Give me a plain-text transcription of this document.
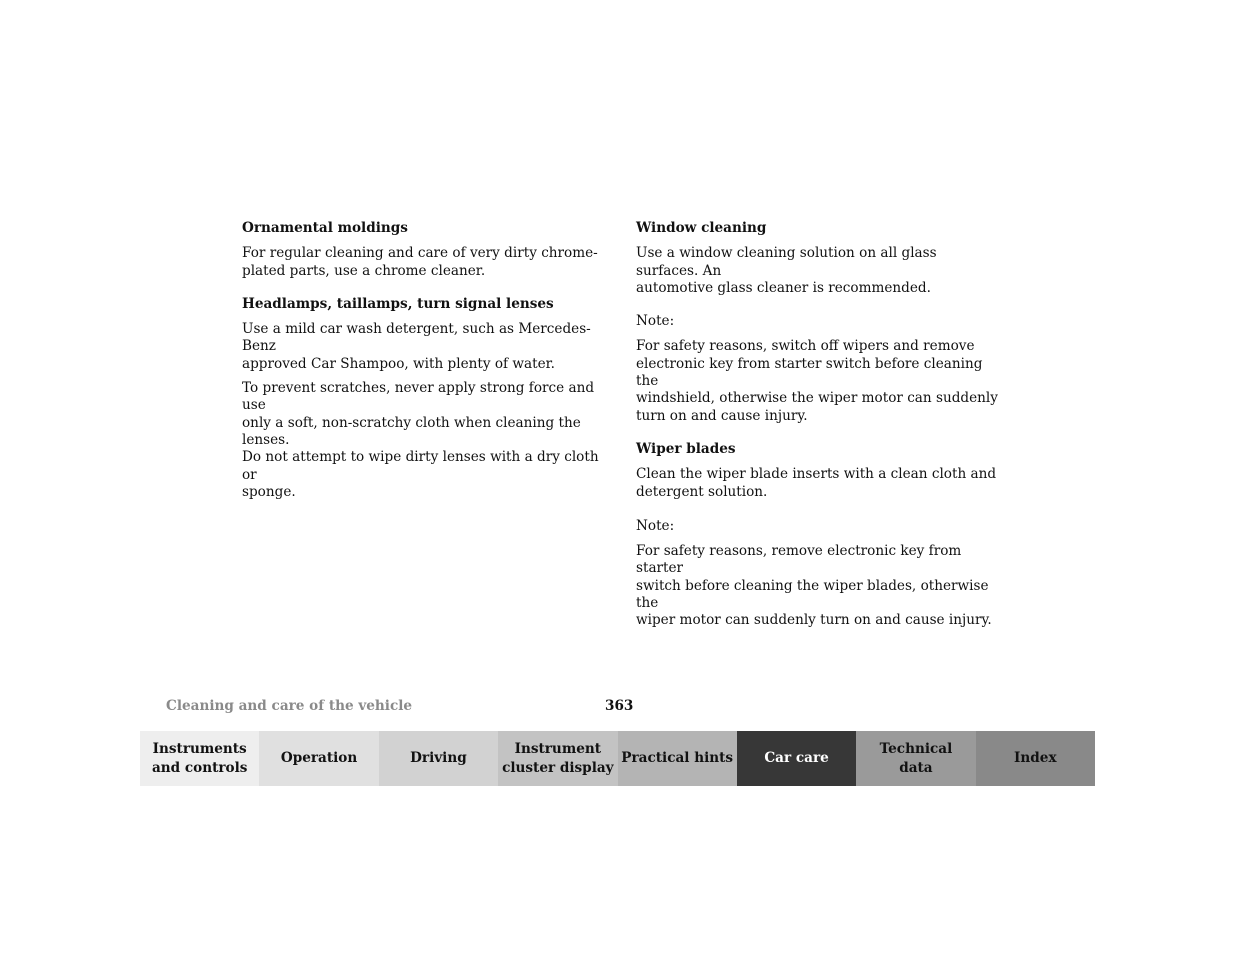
Ornamental moldings
For regular cleaning and care of very dirty chrome-
plated parts, use a chrome cleaner.
Headlamps, taillamps, turn signal lenses
Use a mild car wash detergent, such as Mercedes-Benz
approved Car Shampoo, with plenty of water.
To prevent scratches, never apply strong force and use
only a soft, non-scratchy cloth when cleaning the lenses.
Do not attempt to wipe dirty lenses with a dry cloth or
sponge.
Window cleaning
Use a window cleaning solution on all glass surfaces. An
automotive glass cleaner is recommended.
Note:
For safety reasons, switch off wipers and remove
electronic key from starter switch before cleaning the
windshield, otherwise the wiper motor can suddenly
turn on and cause injury.
Wiper blades
Clean the wiper blade inserts with a clean cloth and
detergent solution.
Note:
For safety reasons, remove electronic key from starter
switch before cleaning the wiper blades, otherwise the
wiper motor can suddenly turn on and cause injury.
Cleaning and care of the vehicle	363
Instruments
and controls
Operation	Driving
Instrument
cluster display
Practical hints	Car care
Technical
data
Index
